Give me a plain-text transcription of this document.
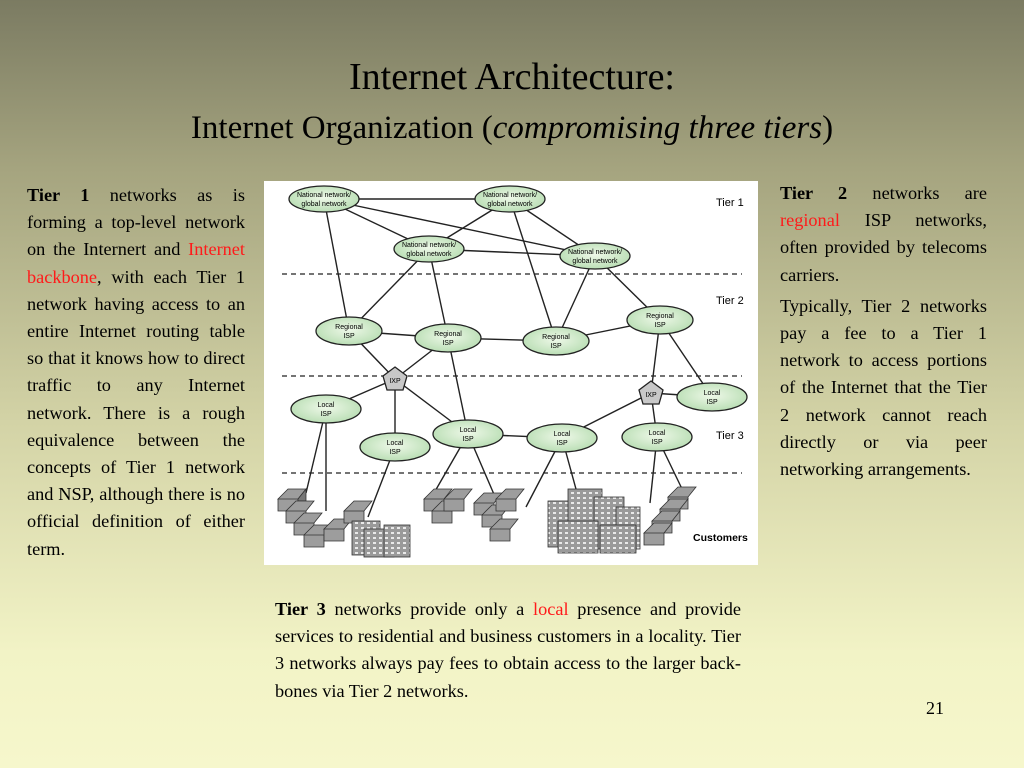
Internet Architecture:
Internet Organization (compromising three tiers)

Tier 1 networks as is forming a top-level network on the Internert and Internet backbone, with each Tier 1 network having access to an entire Internet routing table so that it knows how to direct traffic to any Internet network. There is a rough equivalence between the concepts of Tier 1 network and NSP, although there is no official definition of either term.

Tier 2 networks are regional ISP networks, often provided by telecoms carriers.

Typically, Tier 2 networks pay a fee to a Tier 1 network to access portions of the Internet that the Tier 2 network cannot reach directly or via peer networking arrangements.

Tier 3 networks provide only a local presence and provide services to residential and business customers in a locality. Tier 3 networks always pay fees to obtain access to the larger back-bones via Tier 2 networks.

Tier 1
Tier 2
Tier 3
Customers
National network/
global network
National network/
global network
National network/
global network	National network/
global network
Regional
ISP	Regional
ISP
Regional
ISP
Regional
ISP
IXP
IXP
Local
ISP
Local
ISP
Local
ISP
Local
ISP
Local
ISP
Local
ISP
21
